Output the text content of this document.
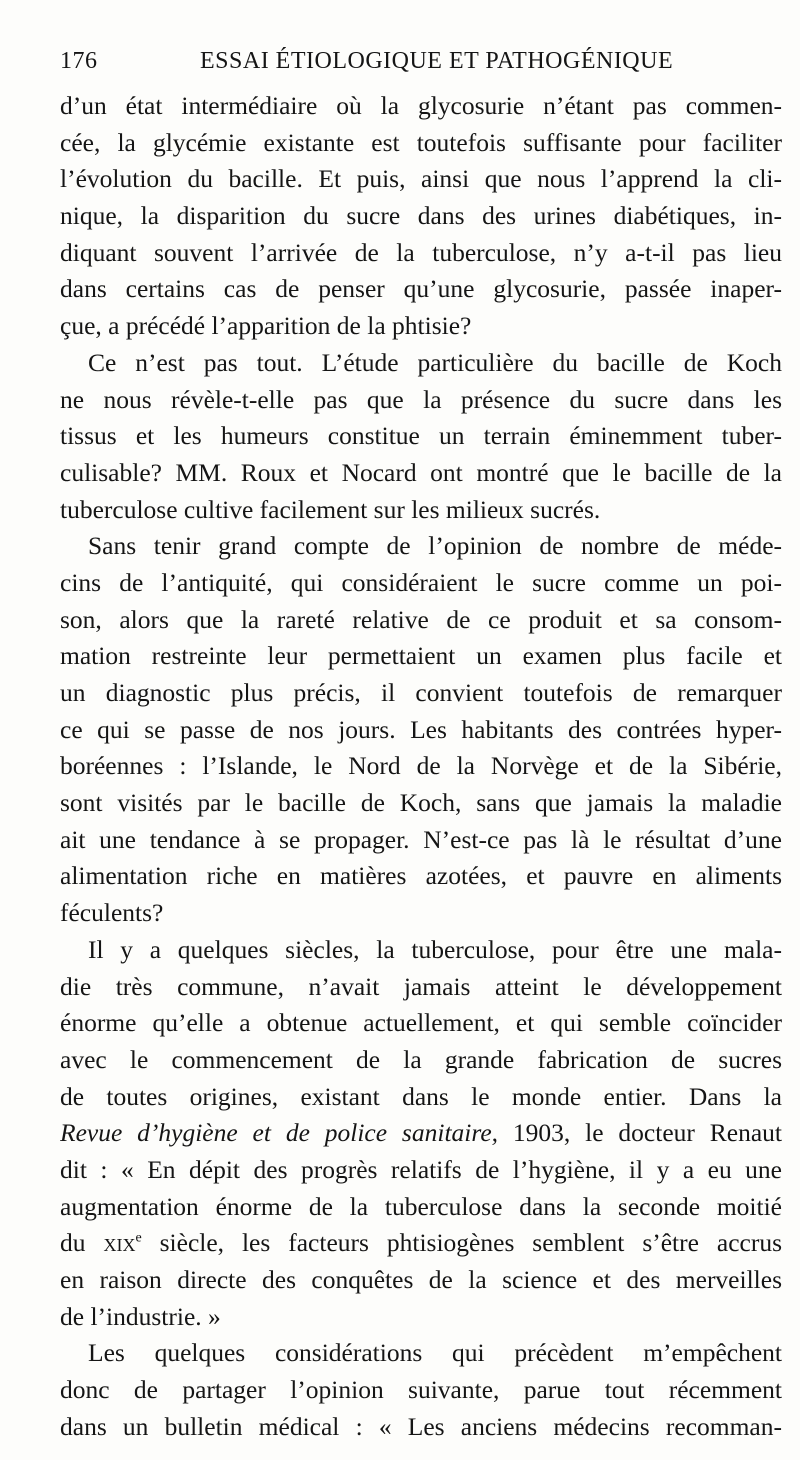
176	ESSAI ÉTIOLOGIQUE ET PATHOGÉNIQUE
d’un état intermédiaire où la glycosurie n’étant pas commen-
cée, la glycémie existante est toutefois suffisante pour faciliter
l’évolution du bacille. Et puis, ainsi que nous l’apprend la cli-
nique, la disparition du sucre dans des urines diabétiques, in-
diquant souvent l’arrivée de la tuberculose, n’y a-t-il pas lieu
dans certains cas de penser qu’une glycosurie, passée inaper-
çue, a précédé l’apparition de la phtisie?
Ce n’est pas tout. L’étude particulière du bacille de Koch
ne nous révèle-t-elle pas que la présence du sucre dans les
tissus et les humeurs constitue un terrain éminemment tuber-
culisable? MM. Roux et Nocard ont montré que le bacille de la
tuberculose cultive facilement sur les milieux sucrés.
Sans tenir grand compte de l’opinion de nombre de méde-
cins de l’antiquité, qui considéraient le sucre comme un poi-
son, alors que la rareté relative de ce produit et sa consom-
mation restreinte leur permettaient un examen plus facile et
un diagnostic plus précis, il convient toutefois de remarquer
ce qui se passe de nos jours. Les habitants des contrées hyper-
boréennes : l’Islande, le Nord de la Norvège et de la Sibérie,
sont visités par le bacille de Koch, sans que jamais la maladie
ait une tendance à se propager. N’est-ce pas là le résultat d’une
alimentation riche en matières azotées, et pauvre en aliments
féculents?
Il y a quelques siècles, la tuberculose, pour être une mala-
die très commune, n’avait jamais atteint le développement
énorme qu’elle a obtenue actuellement, et qui semble coïncider
avec le commencement de la grande fabrication de sucres
de toutes origines, existant dans le monde entier. Dans la
Revue d’hygiène et de police sanitaire, 1903, le docteur Renaut
dit : « En dépit des progrès relatifs de l’hygiène, il y a eu une
augmentation énorme de la tuberculose dans la seconde moitié
du xix$^e$ siècle, les facteurs phtisiogènes semblent s’être accrus
en raison directe des conquêtes de la science et des merveilles
de l’industrie. »
Les quelques considérations qui précèdent m’empêchent
donc de partager l’opinion suivante, parue tout récemment
dans un bulletin médical : « Les anciens médecins recomman-
